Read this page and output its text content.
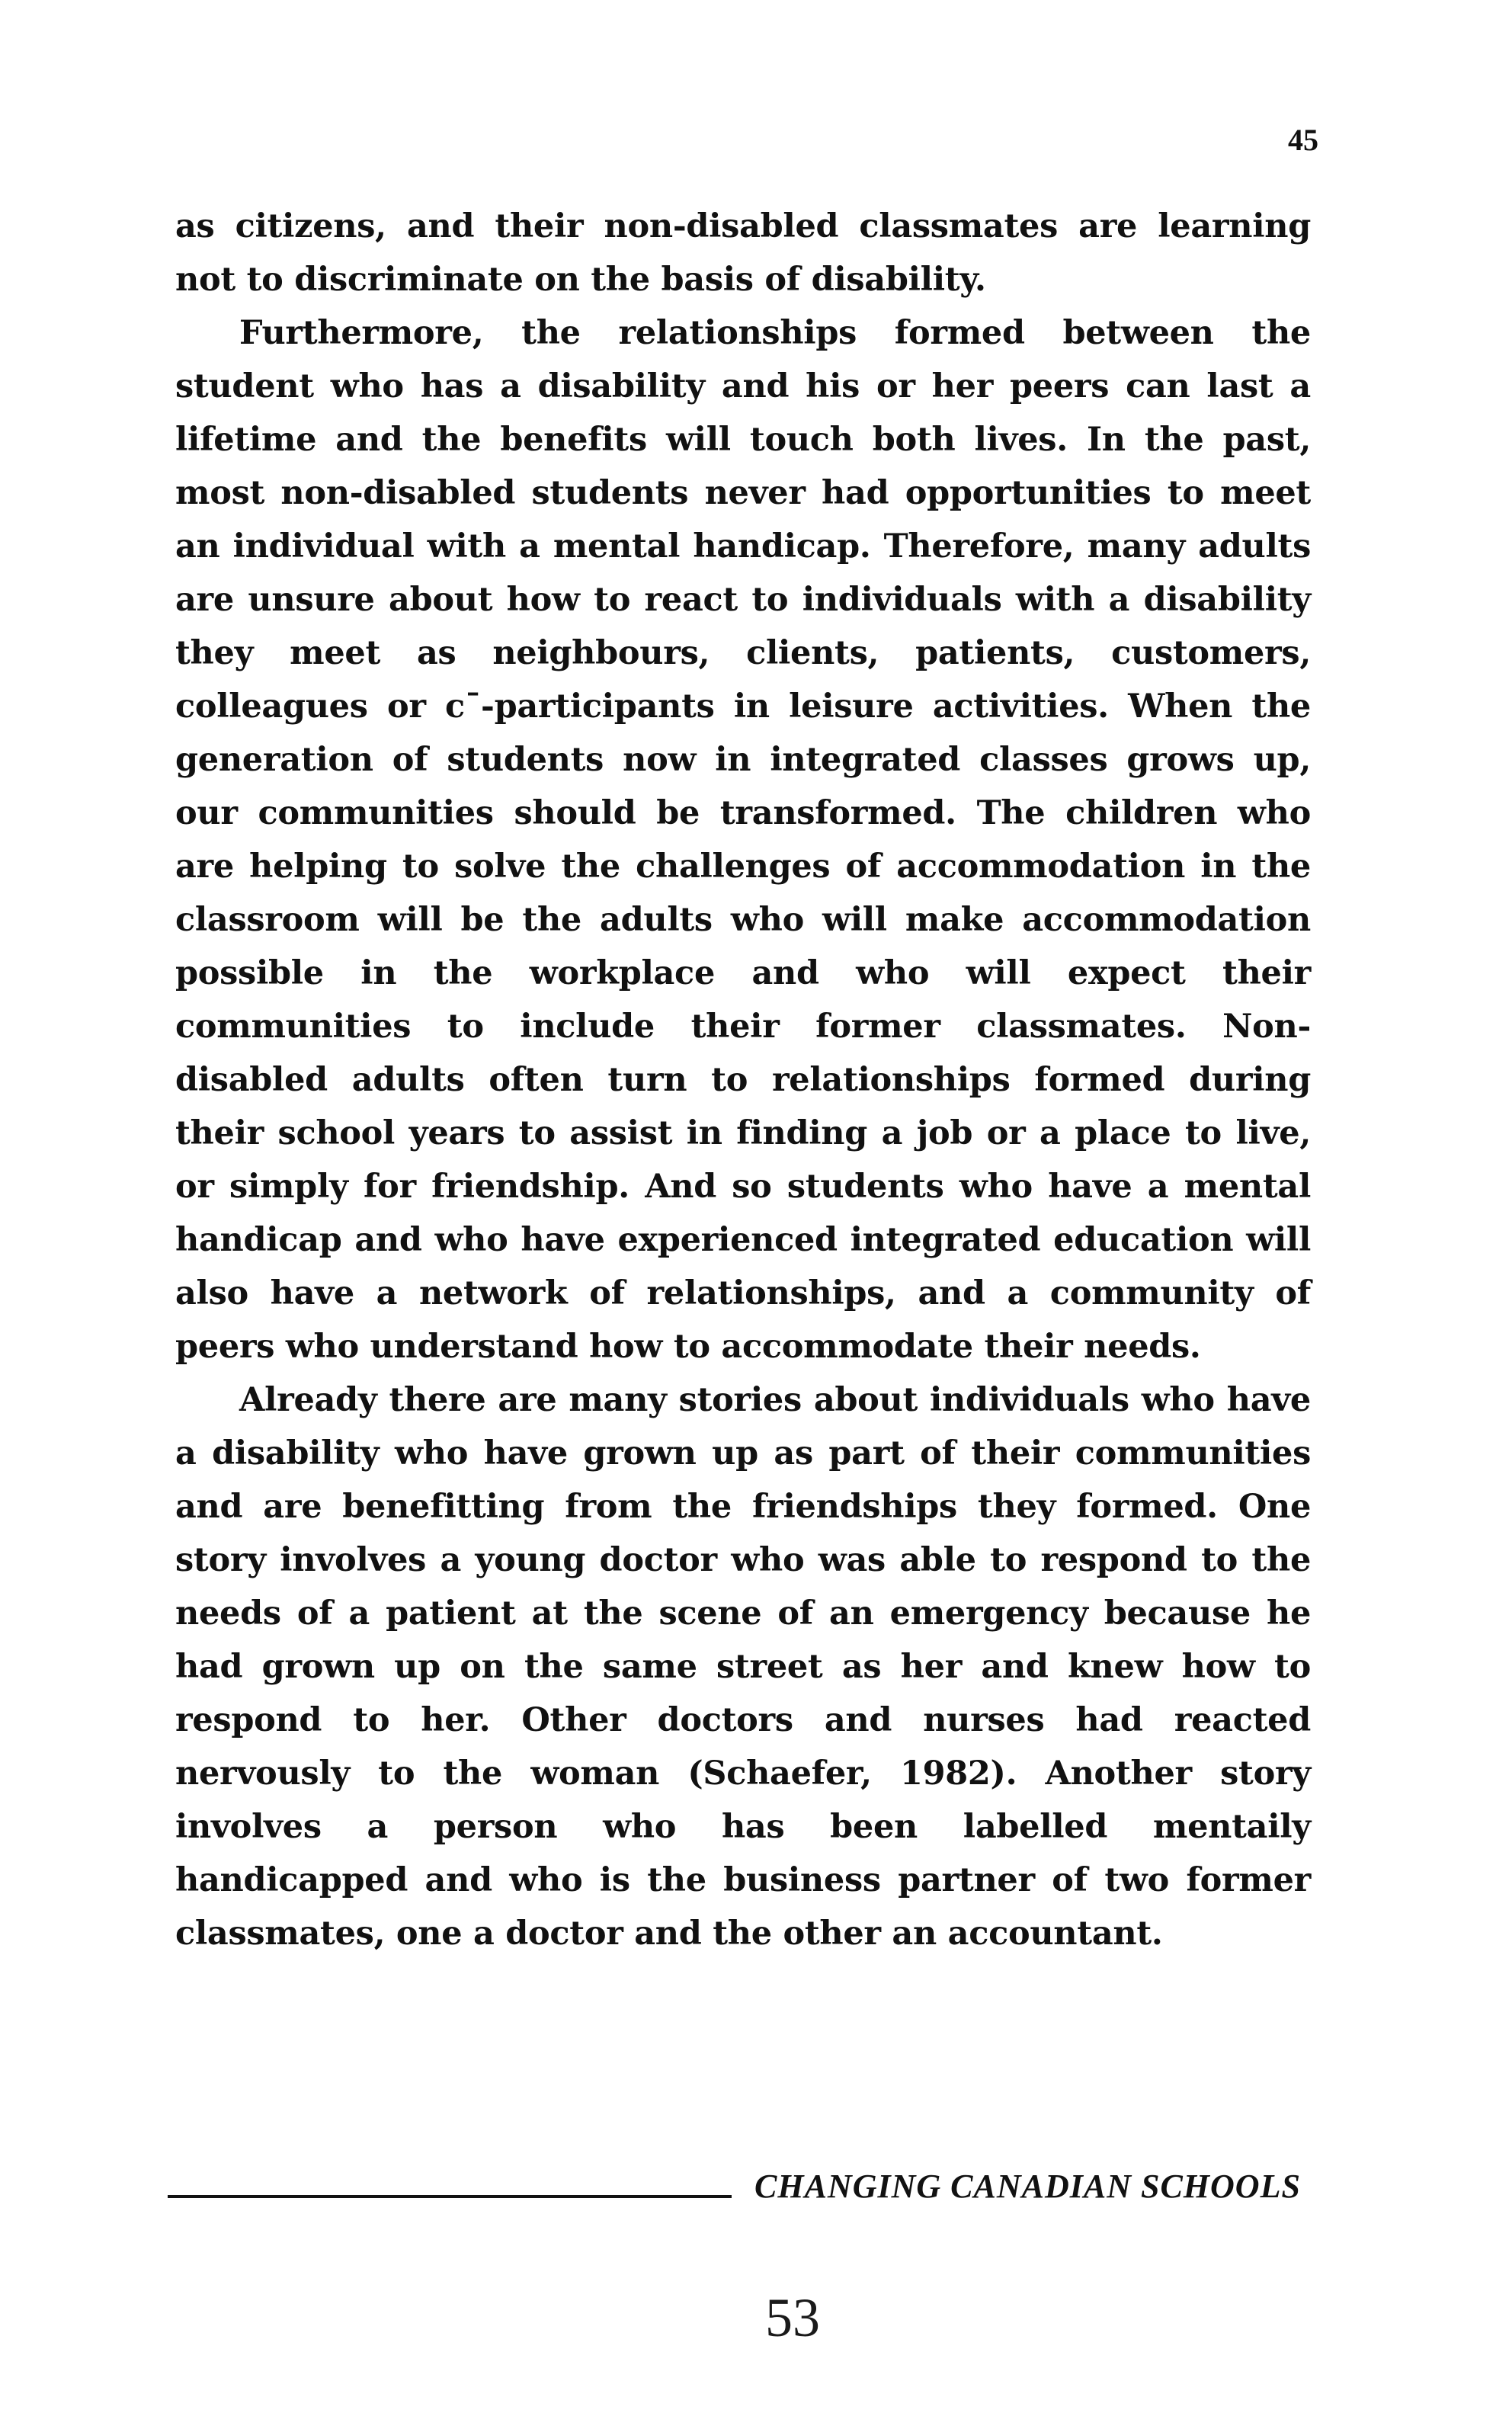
45

as citizens, and their non-disabled classmates are learning not to discriminate on the basis of disability.

Furthermore, the relationships formed between the student who has a disability and his or her peers can last a lifetime and the benefits will touch both lives. In the past, most non-disabled students never had opportunities to meet an individual with a mental handicap. Therefore, many adults are unsure about how to react to individuals with a disability they meet as neighbours, clients, patients, customers, colleagues or cˉ-participants in leisure activities. When the generation of students now in integrated classes grows up, our communities should be transformed. The children who are helping to solve the challenges of accommodation in the classroom will be the adults who will make accommodation possible in the workplace and who will expect their communities to include their former classmates. Non-disabled adults often turn to relationships formed during their school years to assist in finding a job or a place to live, or simply for friendship. And so students who have a mental handicap and who have experienced integrated education will also have a network of relationships, and a community of peers who understand how to accommodate their needs.

Already there are many stories about individuals who have a disability who have grown up as part of their communities and are benefitting from the friendships they formed. One story involves a young doctor who was able to respond to the needs of a patient at the scene of an emergency because he had grown up on the same street as her and knew how to respond to her. Other doctors and nurses had reacted nervously to the woman (Schaefer, 1982). Another story involves a person who has been labelled mentaily handicapped and who is the business partner of two former classmates, one a doctor and the other an accountant.

CHANGING CANADIAN SCHOOLS
53
